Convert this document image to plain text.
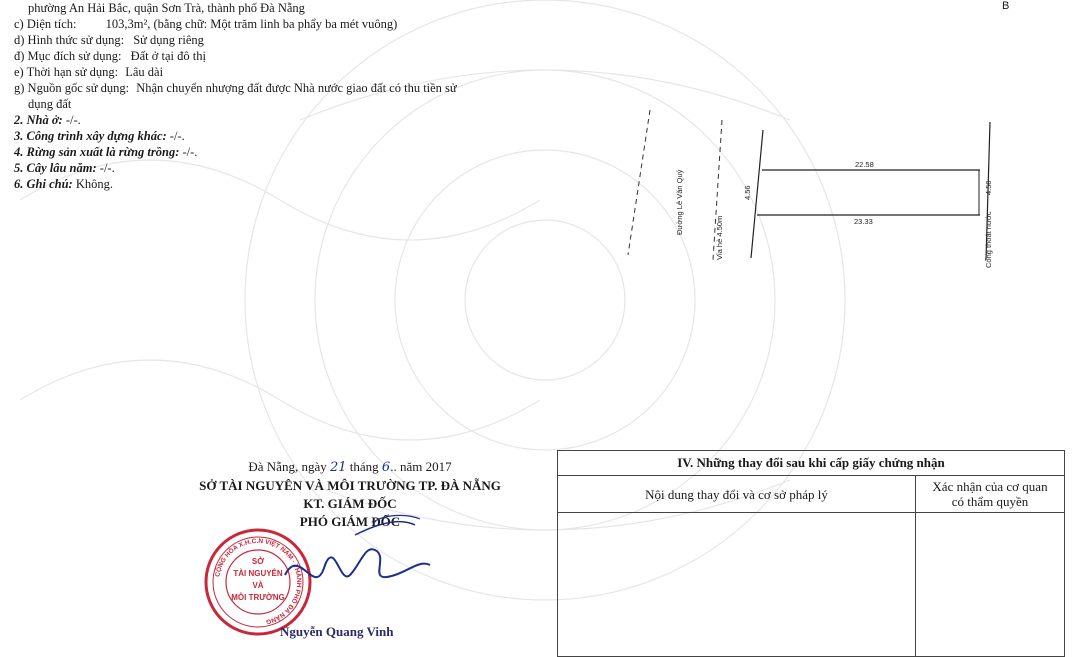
B
phường An Hải Bắc, quận Sơn Trà, thành phố Đà Nẵng
c) Diện tích: 103,3m², (bằng chữ: Một trăm linh ba phẩy ba mét vuông)
d) Hình thức sử dụng: Sử dụng riêng
đ) Mục đích sử dụng: Đất ở tại đô thị
e) Thời hạn sử dụng: Lâu dài
g) Nguồn gốc sử dụng: Nhận chuyển nhượng đất được Nhà nước giao đất có thu tiền sử
dụng đất
2. Nhà ở: -/-.
3. Công trình xây dựng khác: -/-.
4. Rừng sản xuất là rừng trồng: -/-.
5. Cây lâu năm: -/-.
6. Ghi chú: Không.	Đường Lê Văn Quý
Vỉa hè 4.50m
4.56
22.58
23.33
4.50
Cống thoát nước
Đà Nẵng, ngày 21 tháng 6.. năm 2017
SỞ TÀI NGUYÊN VÀ MÔI TRƯỜNG TP. ĐÀ NẴNG
KT. GIÁM ĐỐC
PHÓ GIÁM ĐỐC
CỘNG HÒA X.H.C.N VIỆT NAM · THÀNH PHỐ ĐÀ NẴNG
SỞ
TÀI NGUYÊN
VÀ
MÔI TRƯỜNG
Nguyễn Quang Vinh
IV. Những thay đổi sau khi cấp giấy chứng nhận	
Nội dung thay đổi và cơ sở pháp lý	Xác nhận của cơ quan
có thẩm quyền
